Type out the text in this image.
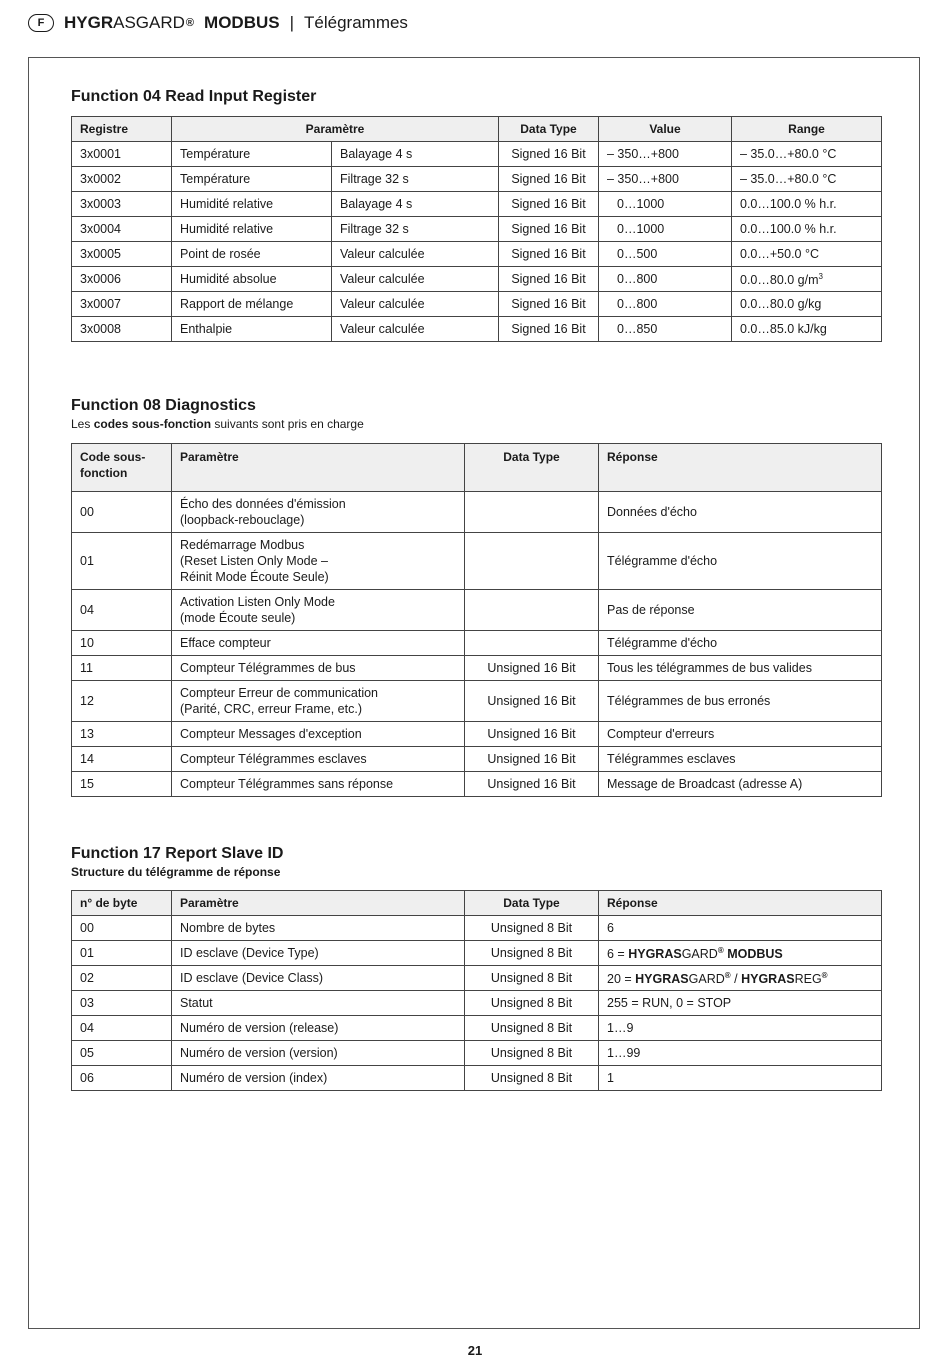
F	HYGR ASGARD ® MODBUS | Télégrammes
Function 04 Read Input Register
Registre	Paramètre		Data Type	Value	Range
3x0001	Température	Balayage 4 s	Signed 16 Bit	– 350…+800	– 35.0…+80.0 °C
3x0002	Température	Filtrage 32 s	Signed 16 Bit	– 350…+800	– 35.0…+80.0 °C
3x0003	Humidité relative	Balayage 4 s	Signed 16 Bit	0…1000	0.0…100.0 % h.r.
3x0004	Humidité relative	Filtrage 32 s	Signed 16 Bit	0…1000	0.0…100.0 % h.r.
3x0005	Point de rosée	Valeur calculée	Signed 16 Bit	0…500	0.0…+50.0 °C
3x0006	Humidité absolue	Valeur calculée	Signed 16 Bit	0…800	0.0…80.0 $g/m^3$
3x0007	Rapport de mélange	Valeur calculée	Signed 16 Bit	0…800	0.0…80.0 g/kg
3x0008	Enthalpie	Valeur calculée	Signed 16 Bit	0…850	0.0…85.0 kJ/kg
Function 08 Diagnostics
Les codes sous-fonction suivants sont pris en charge
Code sous-
fonction	Paramètre	Data Type	Réponse
00	Écho des données d'émission
(loopback-rebouclage)		Données d'écho
01	Redémarrage Modbus
(Reset Listen Only Mode –
Réinit Mode Écoute Seule)		Télégramme d'écho
04	Activation Listen Only Mode
(mode Écoute seule)		Pas de réponse
10	Efface compteur		Télégramme d'écho
11	Compteur Télégrammes de bus	Unsigned 16 Bit	Tous les télégrammes de bus valides
12	Compteur Erreur de communication
(Parité, CRC, erreur Frame, etc.)	Unsigned 16 Bit	Télégrammes de bus erronés
13	Compteur Messages d'exception	Unsigned 16 Bit	Compteur d'erreurs
14	Compteur Télégrammes esclaves	Unsigned 16 Bit	Télégrammes esclaves
15	Compteur Télégrammes sans réponse	Unsigned 16 Bit	Message de Broadcast (adresse A)
Function 17 Report Slave ID
Structure du télégramme de réponse
n° de byte	Paramètre	Data Type	Réponse
00	Nombre de bytes	Unsigned 8 Bit	6
01	ID esclave (Device Type)	Unsigned 8 Bit	6 = HYGRASGARD® MODBUS
02	ID esclave (Device Class)	Unsigned 8 Bit	20 = HYGRASGARD® / HYGRASREG®
03	Statut	Unsigned 8 Bit	255 = RUN, 0 = STOP
04	Numéro de version (release)	Unsigned 8 Bit	1…9
05	Numéro de version (version)	Unsigned 8 Bit	1…99
06	Numéro de version (index)	Unsigned 8 Bit	1
21
